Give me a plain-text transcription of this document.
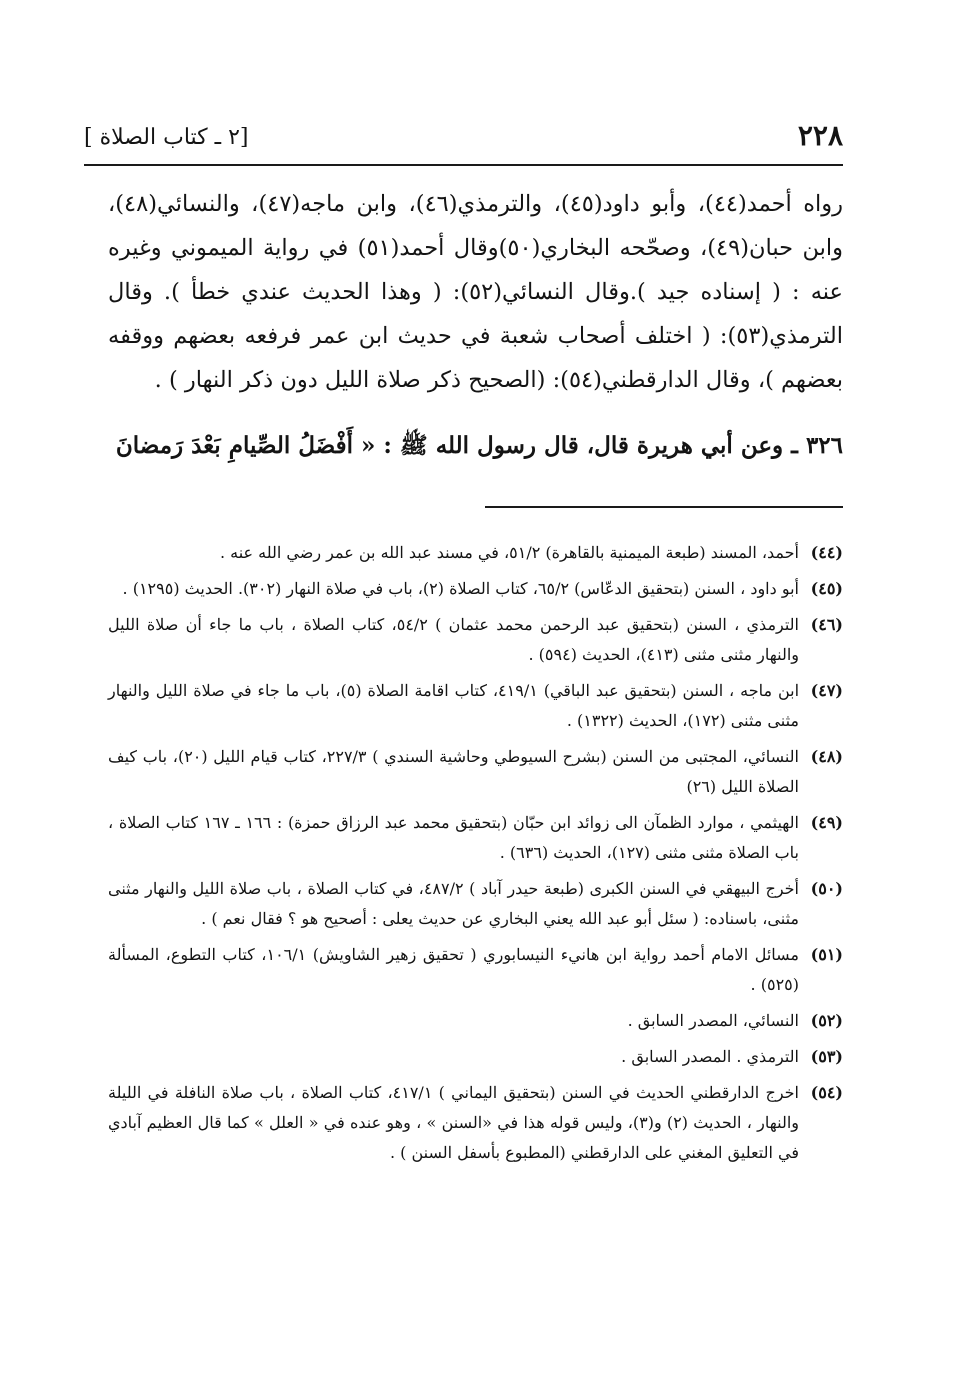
٢٢٨
[٢ ـ كتاب الصلاة ]

رواه أحمد(٤٤)، وأبو داود(٤٥)، والترمذي(٤٦)، وابن ماجه(٤٧)، والنسائي(٤٨)، وابن حبان(٤٩)، وصحّحه البخاري(٥٠)وقال أحمد(٥١) في رواية الميموني وغيره عنه : ( إسناده جيد ).وقال النسائي(٥٢): ( وهذا الحديث عندي خطأ ). وقال الترمذي(٥٣): ( اختلف أصحاب شعبة في حديث ابن عمر فرفعه بعضهم ووقفه بعضهم )، وقال الدارقطني(٥٤): (الصحيح ذكر صلاة الليل دون ذكر النهار ) .

٣٢٦ ـ وعن أبي هريرة قال، قال رسول الله ﷺ : « أَفْضَلُ الصِّيامِ بَعْدَ رَمضانَ

(٤٤)
أحمد، المسند (طبعة الميمنية بالقاهرة) ٥١/٢، في مسند عبد الله بن عمر رضي الله عنه .
(٤٥)
أبو داود ، السنن (بتحقيق الدعّاس) ٦٥/٢، كتاب الصلاة (٢)، باب في صلاة النهار (٣٠٢). الحديث (١٢٩٥) .
(٤٦)
الترمذي ، السنن (بتحقيق عبد الرحمن محمد عثمان ) ٥٤/٢، كتاب الصلاة ، باب ما جاء أن صلاة الليل والنهار مثنى مثنى (٤١٣)، الحديث (٥٩٤) .
(٤٧)
ابن ماجه ، السنن (بتحقيق عبد الباقي) ٤١٩/١، كتاب اقامة الصلاة (٥)، باب ما جاء في صلاة الليل والنهار مثنى مثنى (١٧٢)، الحديث (١٣٢٢) .
(٤٨)
النسائي، المجتبى من السنن (بشرح السيوطي وحاشية السندي ) ٢٢٧/٣، كتاب قيام الليل (٢٠)، باب كيف الصلاة الليل (٢٦)
(٤٩)
الهيثمي ، موارد الظمآن الى زوائد ابن حبّان (بتحقيق محمد عبد الرزاق حمزة) : ١٦٦ ـ ١٦٧ كتاب الصلاة ، باب الصلاة مثنى مثنى (١٢٧)، الحديث (٦٣٦) .
(٥٠)
أخرج البيهقي في السنن الكبرى (طبعة حيدر آباد ) ٤٨٧/٢، في كتاب الصلاة ، باب صلاة الليل والنهار مثنى مثنى، باسناده: ( سئل أبو عبد الله يعني البخاري عن حديث يعلى : أصحيح هو ؟ فقال نعم ) .
(٥١)
مسائل الامام أحمد رواية ابن هانيء النيسابوري ( تحقيق زهير الشاويش) ١٠٦/١، كتاب التطوع، المسألة (٥٢٥) .
(٥٢)
النسائي، المصدر السابق .
(٥٣)
الترمذي . المصدر السابق .
(٥٤)
اخرج الدارقطني الحديث في السنن (بتحقيق اليماني ) ٤١٧/١، كتاب الصلاة ، باب صلاة النافلة في الليلة والنهار ، الحديث (٢) و(٣)، وليس قوله هذا في «السنن » ، وهو عنده في « العلل » كما قال العظيم آبادي في التعليق المغني على الدارقطني (المطبوع بأسفل السنن ) .
